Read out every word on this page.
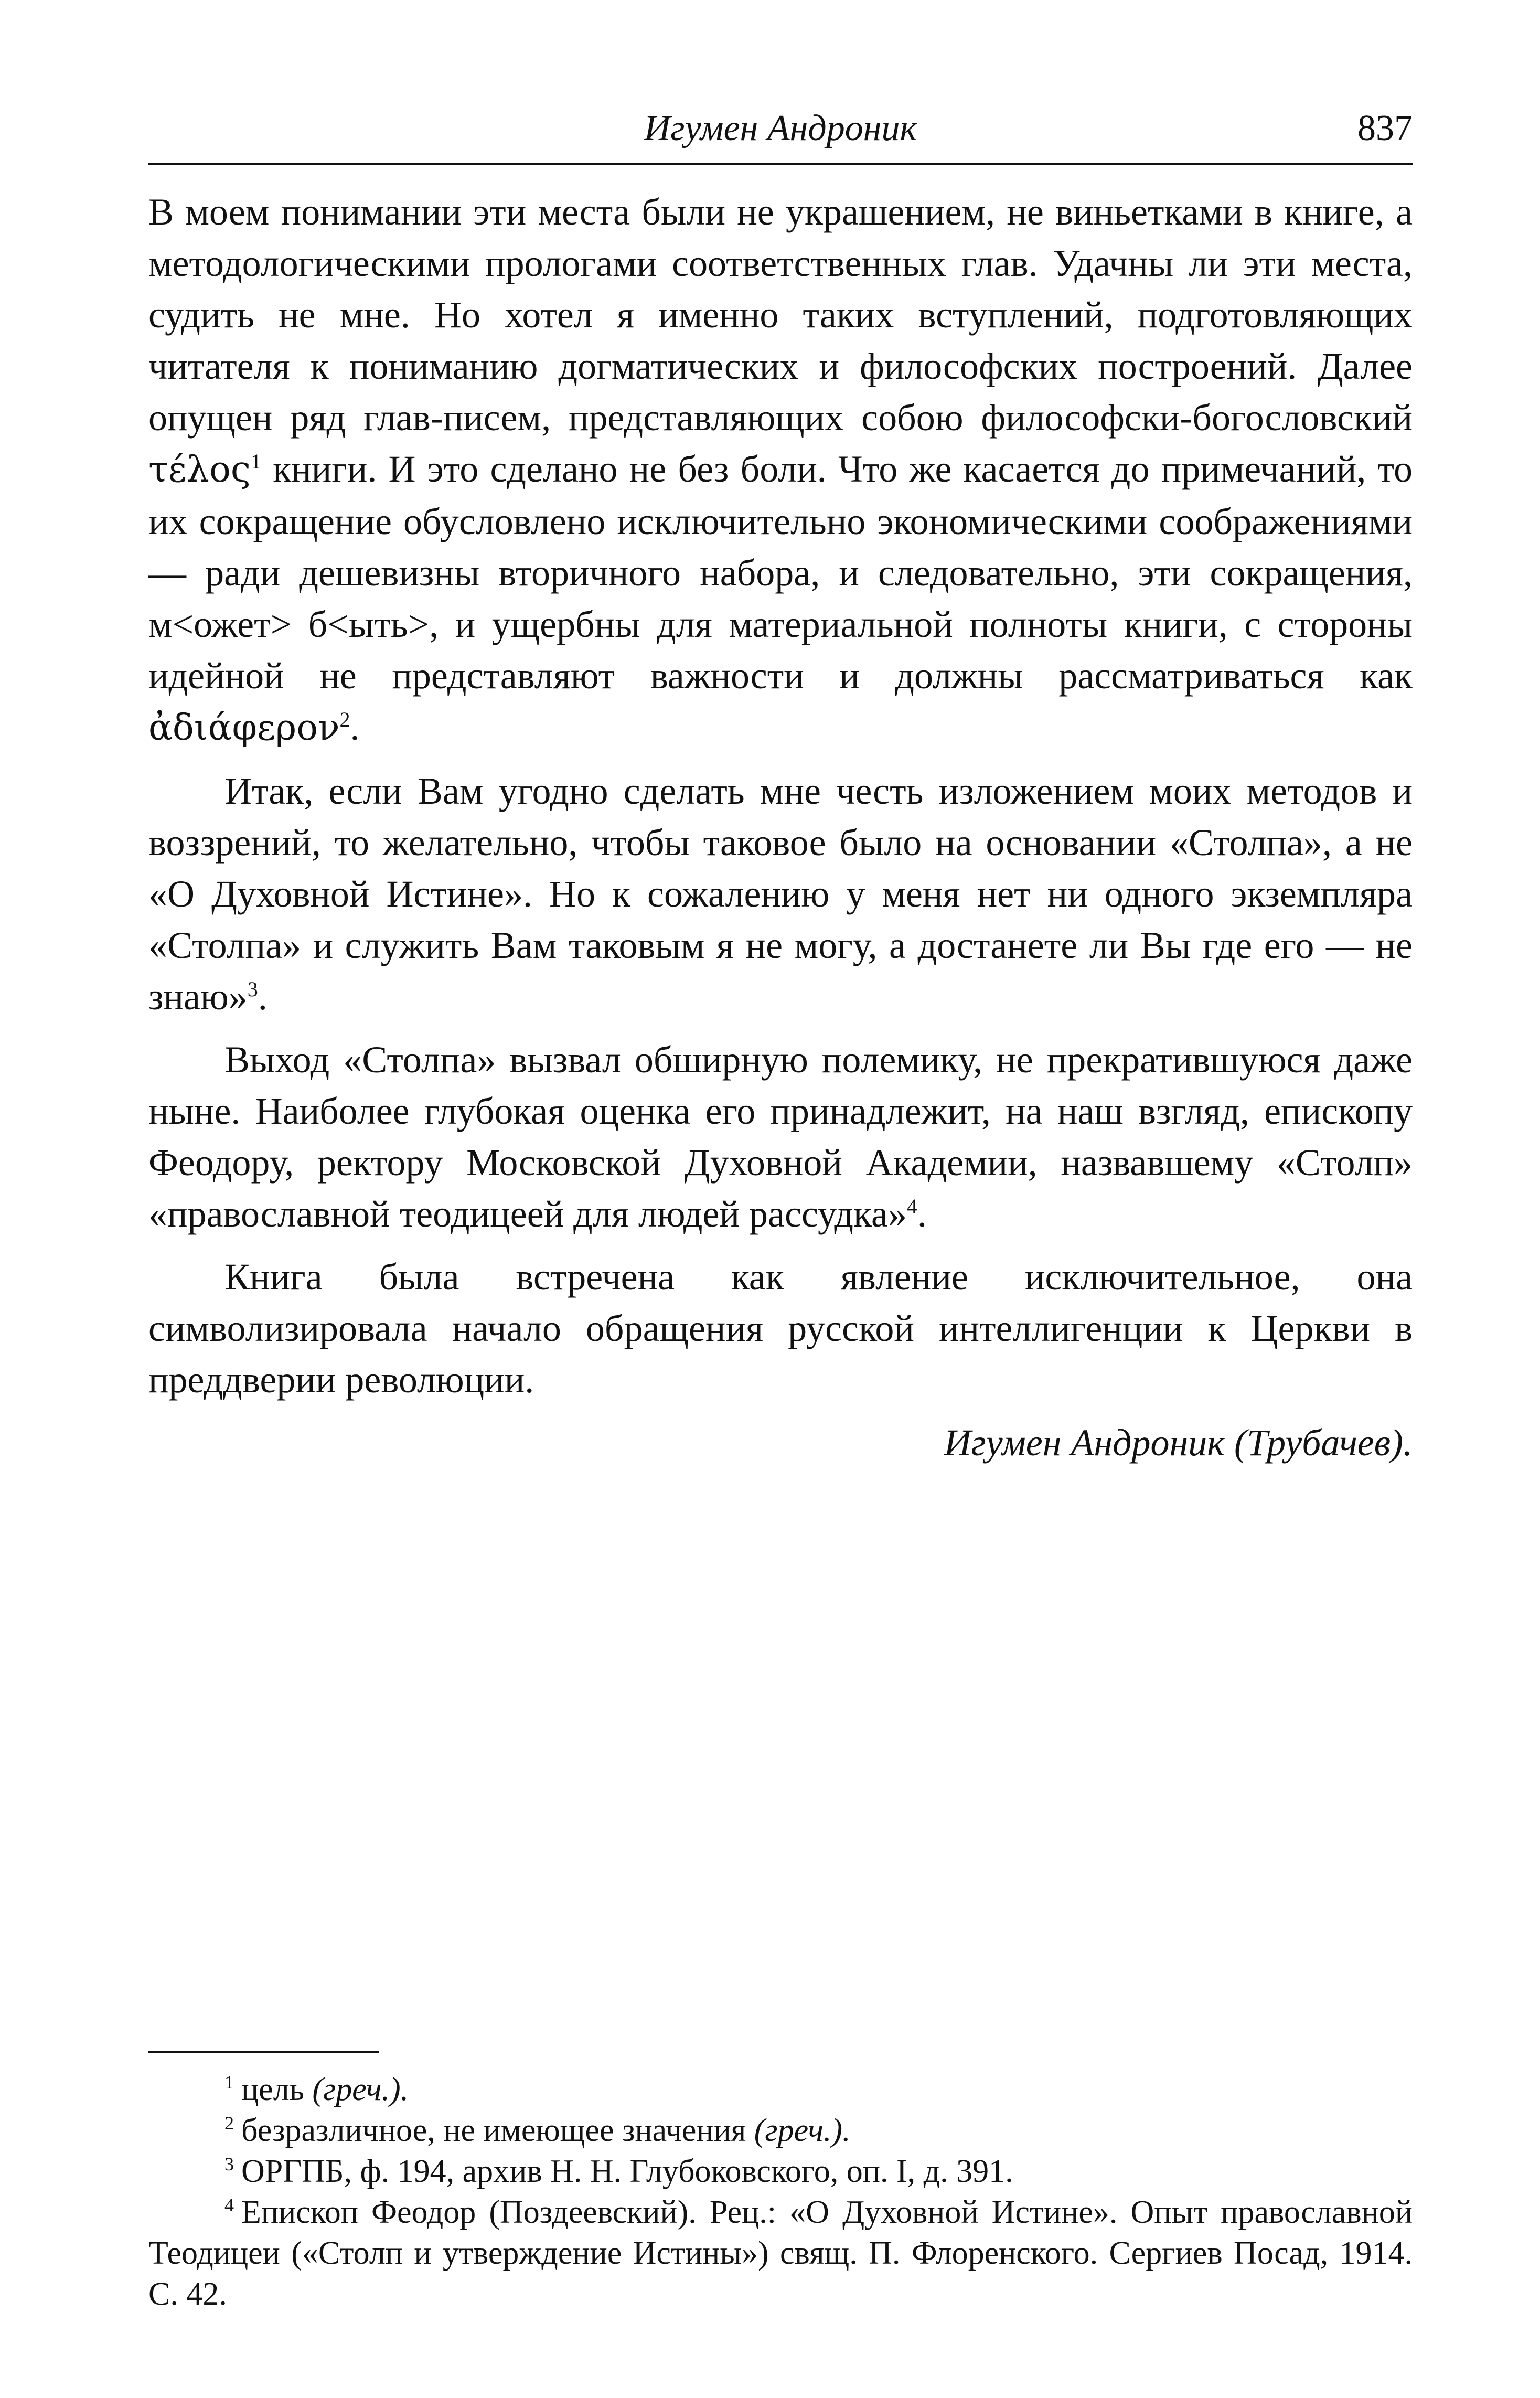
Игумен Андроник	837

В моем понимании эти места были не украшением, не виньетками в книге, а методологическими прологами соответственных глав. Удачны ли эти места, судить не мне. Но хотел я именно таких вступлений, подготовляющих читателя к пониманию догматических и философских построений. Далее опущен ряд глав-писем, представляющих собою философски-богословский τέλος$^1$ книги. И это сделано не без боли. Что же касается до примечаний, то их сокращение обусловлено исключительно экономическими соображениями — ради дешевизны вторичного набора, и следовательно, эти сокращения, м<ожет> б<ыть>, и ущербны для материальной полноты книги, с стороны идейной не представляют важности и должны рассматриваться как ἀδιάφερον$^2$.

Итак, если Вам угодно сделать мне честь изложением моих методов и воззрений, то желательно, чтобы таковое было на основании «Столпа», а не «О Духовной Истине». Но к сожалению у меня нет ни одного экземпляра «Столпа» и служить Вам таковым я не могу, а достанете ли Вы где его — не знаю»$^3$.

Выход «Столпа» вызвал обширную полемику, не прекратившуюся даже ныне. Наиболее глубокая оценка его принадлежит, на наш взгляд, епископу Феодору, ректору Московской Духовной Академии, назвавшему «Столп» «православной теодицеей для людей рассудка»$^4$.

Книга была встречена как явление исключительное, она символизировала начало обращения русской интеллигенции к Церкви в преддверии революции.

Игумен Андроник (Трубачев).

$^1$ цель (греч.).

$^2$ безразличное, не имеющее значения (греч.).

$^3$ ОРГПБ, ф. 194, архив Н. Н. Глубоковского, оп. I, д. 391.

$^4$ Епископ Феодор (Поздеевский). Рец.: «О Духовной Истине». Опыт православной Теодицеи («Столп и утверждение Истины») свящ. П. Флоренского. Сергиев Посад, 1914. С. 42.
